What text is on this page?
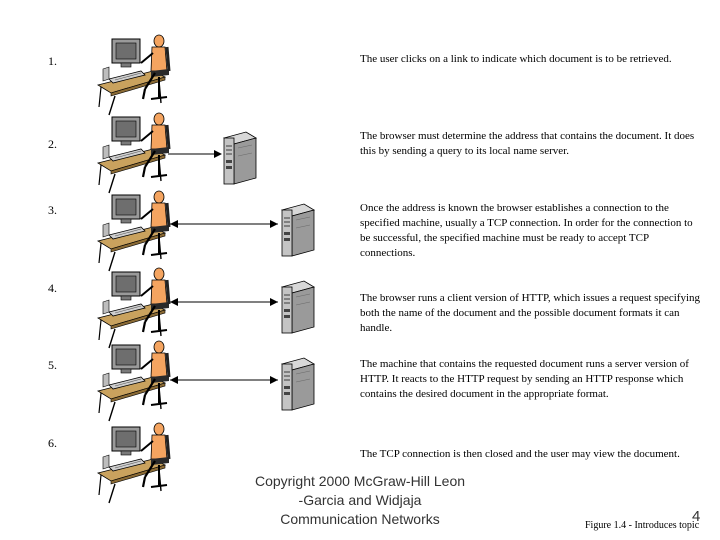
1.
2.
3.
4.
5.
6.
The user clicks on a link to indicate which document is to be retrieved.
The browser must determine the address that contains the document. It does this by sending a query to its local name server.
Once the address is known the browser establishes a connection to the specified machine, usually a TCP connection. In order for the connection to be successful, the specified machine must be ready to accept TCP connections.
The browser runs a client version of HTTP, which issues a request specifying both the name of the document and the possible document formats it can handle.
The machine that contains the requested document runs a server version of HTTP. It reacts to the HTTP request by sending an HTTP response which contains the desired document in the appropriate format.
The TCP connection is then closed and the user may view the document.
Copyright 2000 McGraw-Hill Leon
-Garcia and Widjaja
Communication Networks	4
Figure 1.4 - Introduces topic
